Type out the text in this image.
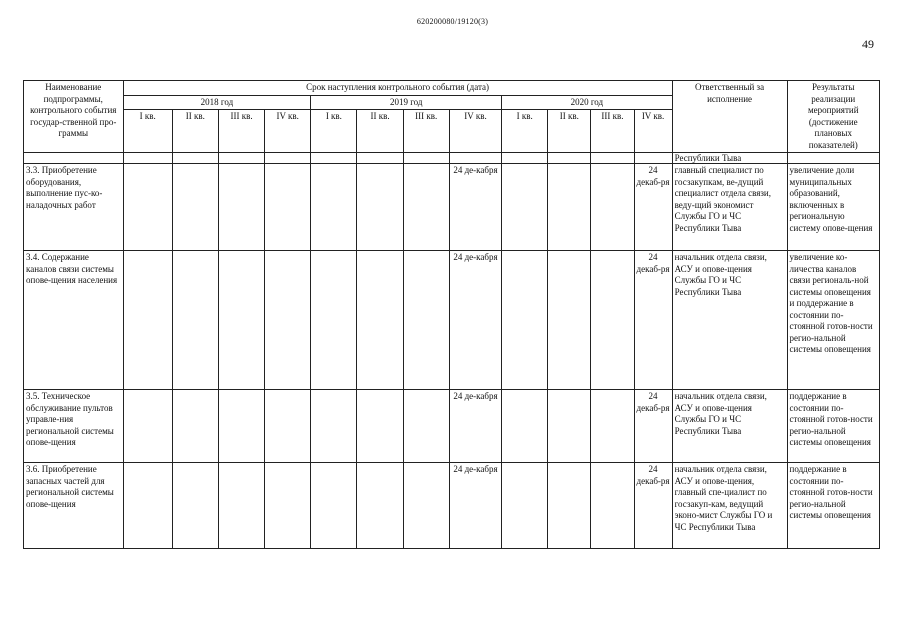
620200080/19120(3)
49
Наименование подпрограммы, контрольного события государ-ственной про-граммы	Срок наступления контрольного события (дата)												Ответственный за исполнение	Результаты реализации мероприятий (достижение плановых показателей)
	2018 год				2019 год				2020 год					
	I кв.	II кв.	III кв.	IV кв.	I кв.	II кв.	III кв.	IV кв.	I кв.	II кв.	III кв.	IV кв.		
													Республики Тыва	
3.3. Приобретение оборудования, выполнение пус-ко-наладочных работ								24 де-кабря				24 декаб-ря	главный специалист по госзакупкам, ве-дущий специалист отдела связи, веду-щий экономист Службы ГО и ЧС Республики Тыва	увеличение доли муниципальных образований, включенных в региональную систему опове-щения
3.4. Содержание каналов связи системы опове-щения населения								24 де-кабря				24 декаб-ря	начальник отдела связи, АСУ и опове-щения Службы ГО и ЧС Республики Тыва	увеличение ко-личества каналов связи региональ-ной системы оповещения и поддержание в состоянии по-стоянной готов-ности регио-нальной системы оповещения
3.5. Техническое обслуживание пультов управле-ния региональной системы опове-щения								24 де-кабря				24 декаб-ря	начальник отдела связи, АСУ и опове-щения Службы ГО и ЧС Республики Тыва	поддержание в состоянии по-стоянной готов-ности регио-нальной системы оповещения
3.6. Приобретение запасных частей для региональной системы опове-щения								24 де-кабря				24 декаб-ря	начальник отдела связи, АСУ и опове-щения, главный спе-циалист по госзакуп-кам, ведущий эконо-мист Службы ГО и ЧС Республики Тыва	поддержание в состоянии по-стоянной готов-ности регио-нальной системы оповещения
